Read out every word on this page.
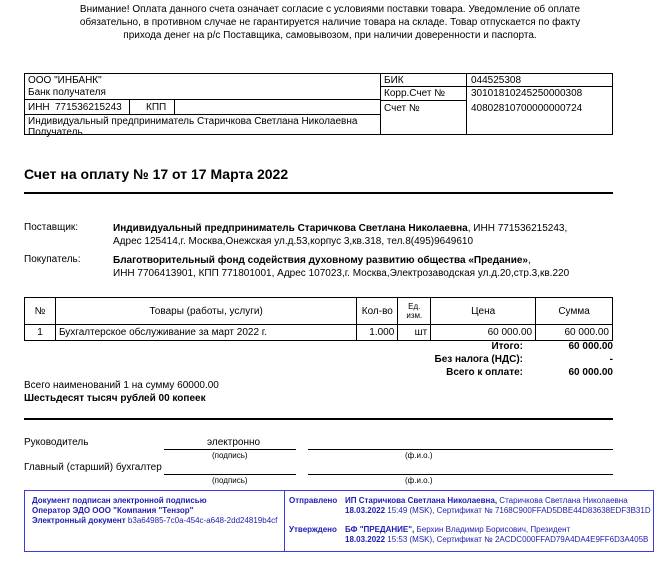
Внимание! Оплата данного счета означает согласие с условиями поставки товара. Уведомление об оплате обязательно, в противном случае не гарантируется наличие товара на складе. Товар отпускается по факту прихода денег на р/с Поставщика, самовывозом, при наличии доверенности и паспорта.
ООО "ИНБАНК"
Банк получателя
ИНН 771536215243 КПП
Индивидуальный предприниматель Старичкова Светлана Николаевна
Получатель
БИК	044525308
Корр.Счет №	30101810245250000308
Счет №	40802810700000000724
Счет на оплату № 17 от 17 Марта 2022
Поставщик:	Индивидуальный предприниматель Старичкова Светлана Николаевна, ИНН 771536215243,
Адрес 125414,г. Москва,Онежская ул.д.53,корпус 3,кв.318, тел.8(495)9649610
Покупатель:	Благотворительный фонд содействия духовному развитию общества «Предание»,
ИНН 7706413901, КПП 771801001, Адрес 107023,г. Москва,Электрозаводская ул.д.20,стр.3,кв.220
№	Товары (работы, услуги)	Кол-во	Ед. изм.	Цена	Сумма
1	Бухгалтерское обслуживание за март 2022 г.	1.000	шт	60 000.00	60 000.00
Итого:	60 000.00
Без налога (НДС):	-
Всего к оплате:	60 000.00
Всего наименований 1 на сумму 60000.00
Шестьдесят тысяч рублей 00 копеек
Руководитель	электронно
(подпись)	(ф.и.о.)
Главный (старший) бухгалтер
(подпись)	(ф.и.о.)
Документ подписан электронной подписью
Оператор ЭДО ООО "Компания "Тензор"
Электронный документ b3a64985-7c0a-454c-a648-2dd24819b4cf
Отправлено ИП Старичкова Светлана Николаевна, Старичкова Светлана Николаевна
18.03.2022 15:49 (MSK), Сертификат № 7168C900FFAD5DBE44D83638EDF3B31D
Утверждено БФ "ПРЕДАНИЕ", Берхин Владимир Борисович, Президент
18.03.2022 15:53 (MSK), Сертификат № 2ACDC000FFAD79A4DA4E9FF6D3A405B
